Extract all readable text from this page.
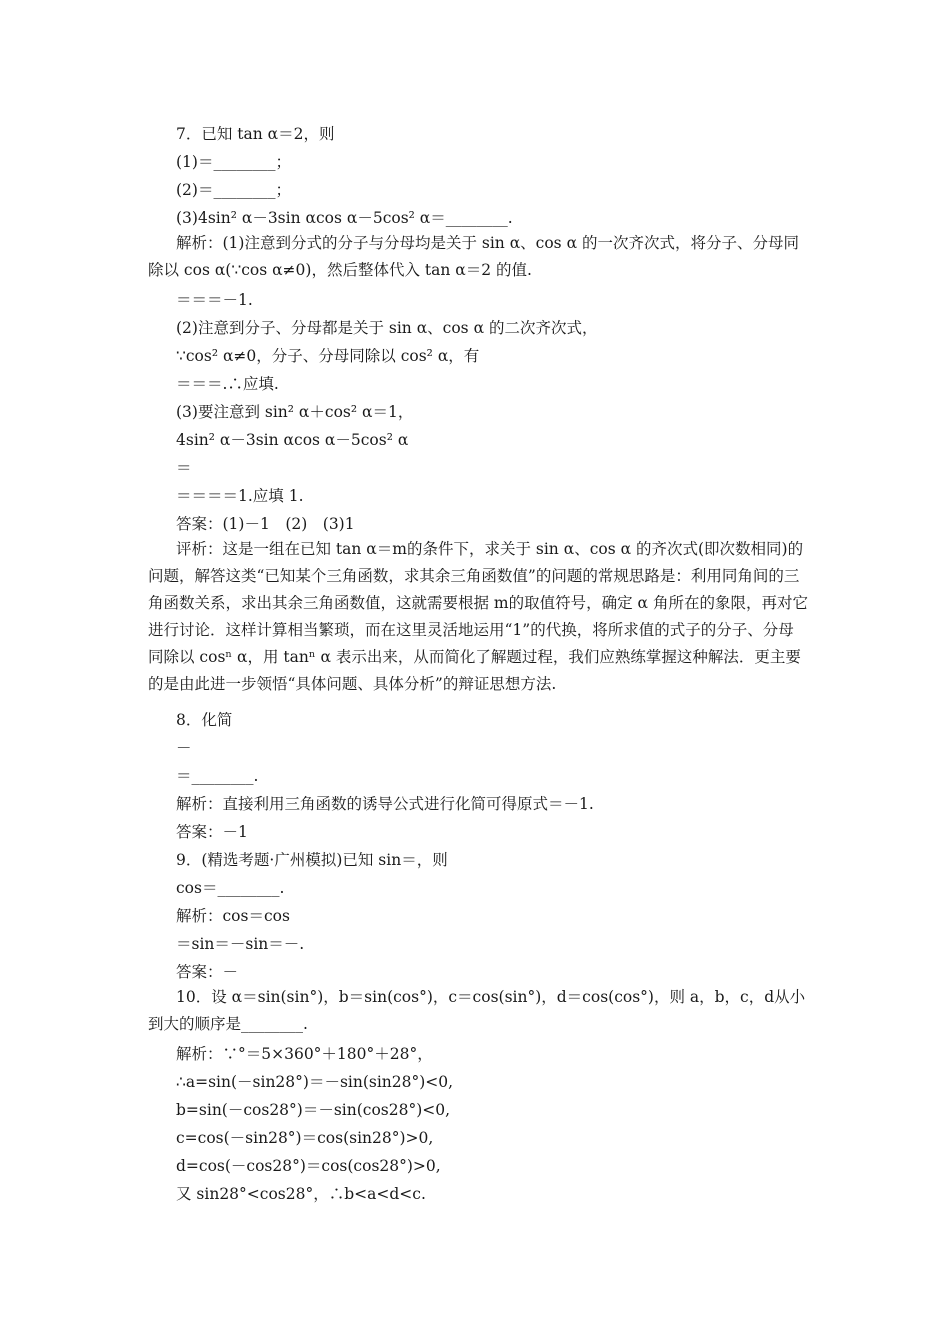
7．已知 tan α＝2，则
(1)＝________；
(2)＝________；
(3)4sin² α－3sin αcos α－5cos² α＝________.
解析：(1)注意到分式的分子与分母均是关于 sin α、cos α 的一次齐次式，将分子、分母同除以 cos α(∵cos α≠0)，然后整体代入 tan α＝2 的值.
＝＝＝－1.
(2)注意到分子、分母都是关于 sin α、cos α 的二次齐次式，
∵cos² α≠0，分子、分母同除以 cos² α，有
＝＝＝.∴应填.
(3)要注意到 sin² α＋cos² α＝1，
4sin² α－3sin αcos α－5cos² α
＝
＝＝＝＝1.应填 1.
答案：(1)－1　(2)　(3)1
评析：这是一组在已知 tan α＝m的条件下，求关于 sin α、cos α 的齐次式(即次数相同)的问题，解答这类“已知某个三角函数，求其余三角函数值”的问题的常规思路是：利用同角间的三角函数关系，求出其余三角函数值，这就需要根据 m的取值符号，确定 α 角所在的象限，再对它进行讨论．这样计算相当繁琐，而在这里灵活地运用“1”的代换，将所求值的式子的分子、分母同除以 cosⁿ α，用 tanⁿ α 表示出来，从而简化了解题过程，我们应熟练掌握这种解法．更主要的是由此进一步领悟“具体问题、具体分析”的辩证思想方法.
8．化简
－
＝________.
解析：直接利用三角函数的诱导公式进行化简可得原式＝－1.
答案：－1
9．(精选考题·广州模拟)已知 sin＝，则
cos＝________.
解析：cos＝cos
＝sin＝－sin＝－.
答案：－
10．设 α＝sin(sin°)，b＝sin(cos°)，c＝cos(sin°)，d＝cos(cos°)，则 a，b，c，d从小到大的顺序是________.
解析：∵°＝5×360°＋180°＋28°，
∴a=sin(－sin28°)＝－sin(sin28°)<0,
b=sin(－cos28°)＝－sin(cos28°)<0,
c=cos(－sin28°)＝cos(sin28°)>0,
d=cos(－cos28°)＝cos(cos28°)>0,
又 sin28°<cos28°，∴b<a<d<c.
